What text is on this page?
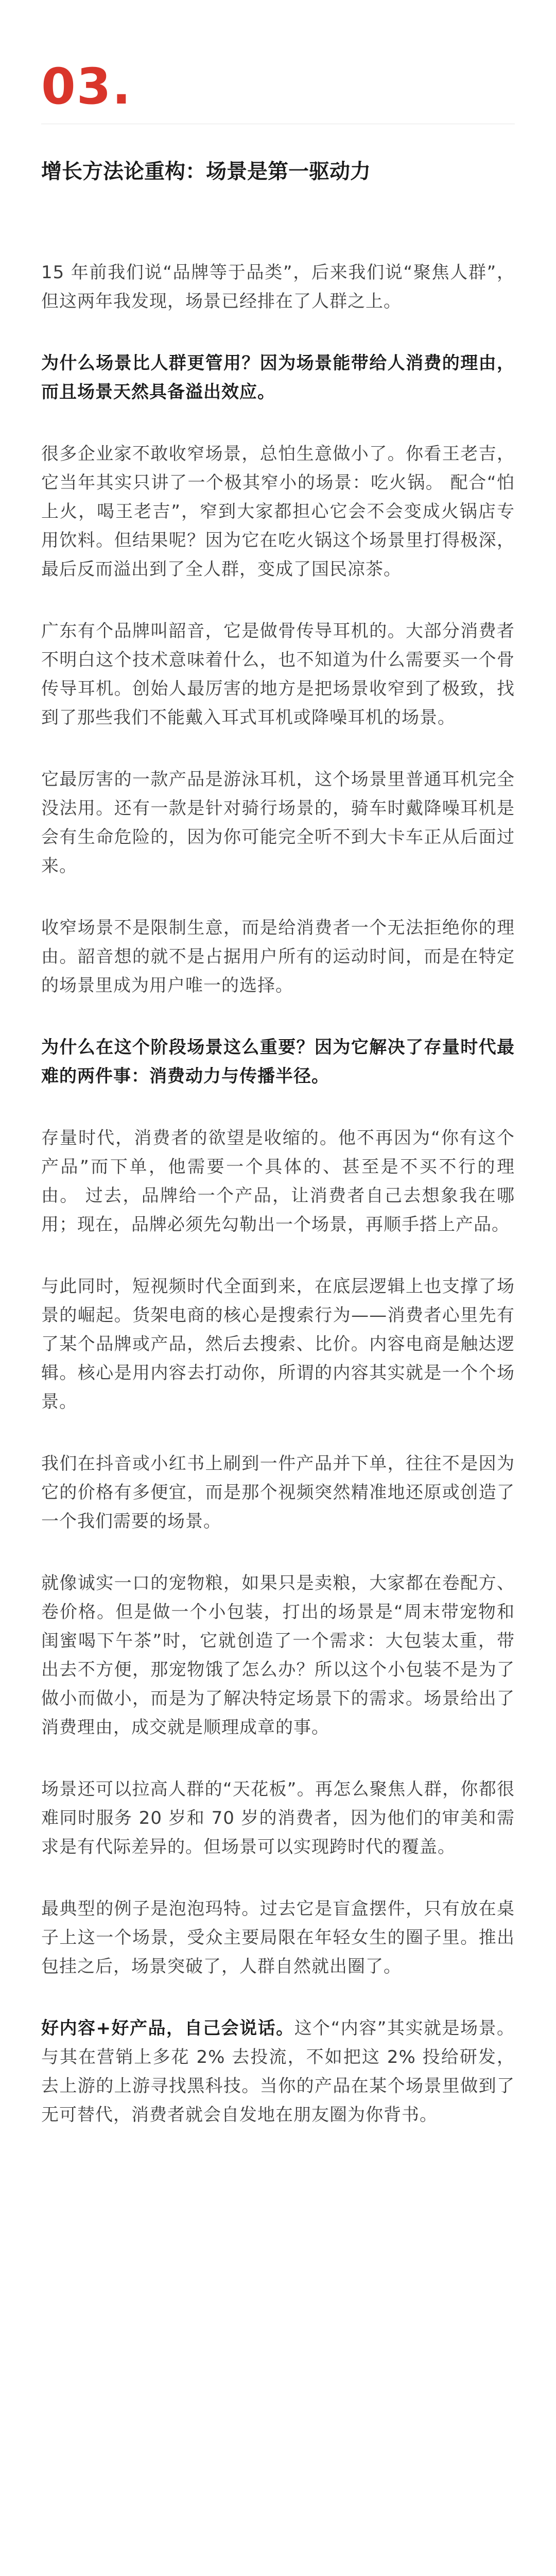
03.
增长方法论重构：场景是第一驱动力

15 年前我们说“品牌等于品类”，后来我们说“聚焦人群”，但这两年我发现，场景已经排在了人群之上。

为什么场景比人群更管用？因为场景能带给人消费的理由，而且场景天然具备溢出效应。

很多企业家不敢收窄场景，总怕生意做小了。你看王老吉，它当年其实只讲了一个极其窄小的场景：吃火锅。 配合“怕上火，喝王老吉”，窄到大家都担心它会不会变成火锅店专用饮料。但结果呢？因为它在吃火锅这个场景里打得极深，最后反而溢出到了全人群，变成了国民凉茶。

广东有个品牌叫韶音，它是做骨传导耳机的。大部分消费者不明白这个技术意味着什么，也不知道为什么需要买一个骨传导耳机。创始人最厉害的地方是把场景收窄到了极致，找到了那些我们不能戴入耳式耳机或降噪耳机的场景。

它最厉害的一款产品是游泳耳机，这个场景里普通耳机完全没法用。还有一款是针对骑行场景的，骑车时戴降噪耳机是会有生命危险的，因为你可能完全听不到大卡车正从后面过来。

收窄场景不是限制生意，而是给消费者一个无法拒绝你的理由。韶音想的就不是占据用户所有的运动时间，而是在特定的场景里成为用户唯一的选择。

为什么在这个阶段场景这么重要？因为它解决了存量时代最难的两件事：消费动力与传播半径。

存量时代，消费者的欲望是收缩的。他不再因为“你有这个产品”而下单，他需要一个具体的、甚至是不买不行的理由。 过去，品牌给一个产品，让消费者自己去想象我在哪用；现在，品牌必须先勾勒出一个场景，再顺手搭上产品。

与此同时，短视频时代全面到来，在底层逻辑上也支撑了场景的崛起。货架电商的核心是搜索行为——消费者心里先有了某个品牌或产品，然后去搜索、比价。内容电商是触达逻辑。核心是用内容去打动你，所谓的内容其实就是一个个场景。

我们在抖音或小红书上刷到一件产品并下单，往往不是因为它的价格有多便宜，而是那个视频突然精准地还原或创造了一个我们需要的场景。

就像诚实一口的宠物粮，如果只是卖粮，大家都在卷配方、卷价格。但是做一个小包装，打出的场景是“周末带宠物和闺蜜喝下午茶”时，它就创造了一个需求：大包装太重，带出去不方便，那宠物饿了怎么办？所以这个小包装不是为了做小而做小，而是为了解决特定场景下的需求。场景给出了消费理由，成交就是顺理成章的事。

场景还可以拉高人群的“天花板”。再怎么聚焦人群，你都很难同时服务 20 岁和 70 岁的消费者，因为他们的审美和需求是有代际差异的。但场景可以实现跨时代的覆盖。

最典型的例子是泡泡玛特。过去它是盲盒摆件，只有放在桌子上这一个场景，受众主要局限在年轻女生的圈子里。推出包挂之后，场景突破了，人群自然就出圈了。

好内容+好产品，自己会说话。这个“内容”其实就是场景。与其在营销上多花 2% 去投流，不如把这 2% 投给研发，去上游的上游寻找黑科技。当你的产品在某个场景里做到了无可替代，消费者就会自发地在朋友圈为你背书。
